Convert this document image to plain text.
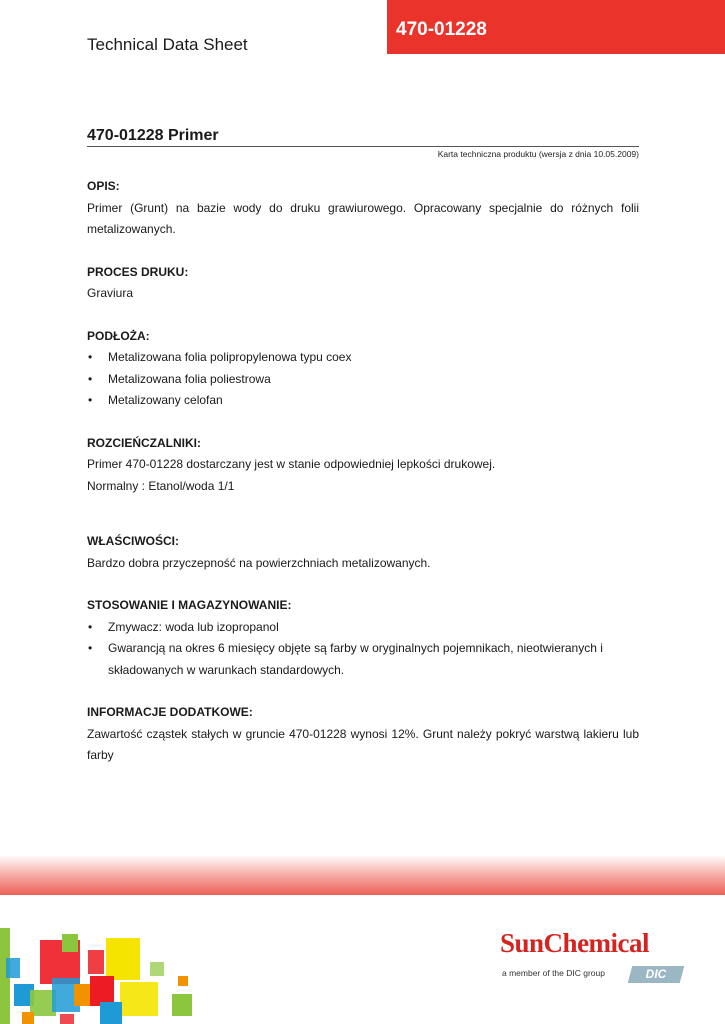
Technical Data Sheet
470-01228
470-01228 Primer
Karta techniczna produktu (wersja z dnia 10.05.2009)
OPIS:

Primer (Grunt) na bazie wody do druku grawiurowego. Opracowany specjalnie do różnych folii metalizowanych.

PROCES DRUKU:

Graviura

PODŁOŻA:
• Metalizowana folia polipropylenowa typu coex
• Metalizowana folia poliestrowa
• Metalizowany celofan
ROZCIEŃCZALNIKI:

Primer 470-01228 dostarczany jest w stanie odpowiedniej lepkości drukowej.

Normalny : Etanol/woda 1/1

WŁAŚCIWOŚCI:

Bardzo dobra przyczepność na powierzchniach metalizowanych.

STOSOWANIE I MAGAZYNOWANIE:
• Zmywacz: woda lub izopropanol
• Gwarancją na okres 6 miesięcy objęte są farby w oryginalnych pojemnikach, nieotwieranych i składowanych w warunkach standardowych.
INFORMACJE DODATKOWE:

Zawartość cząstek stałych w gruncie 470-01228 wynosi 12%. Grunt należy pokryć warstwą lakieru lub farby

SunChemical
a member of the DIC group	DIC
